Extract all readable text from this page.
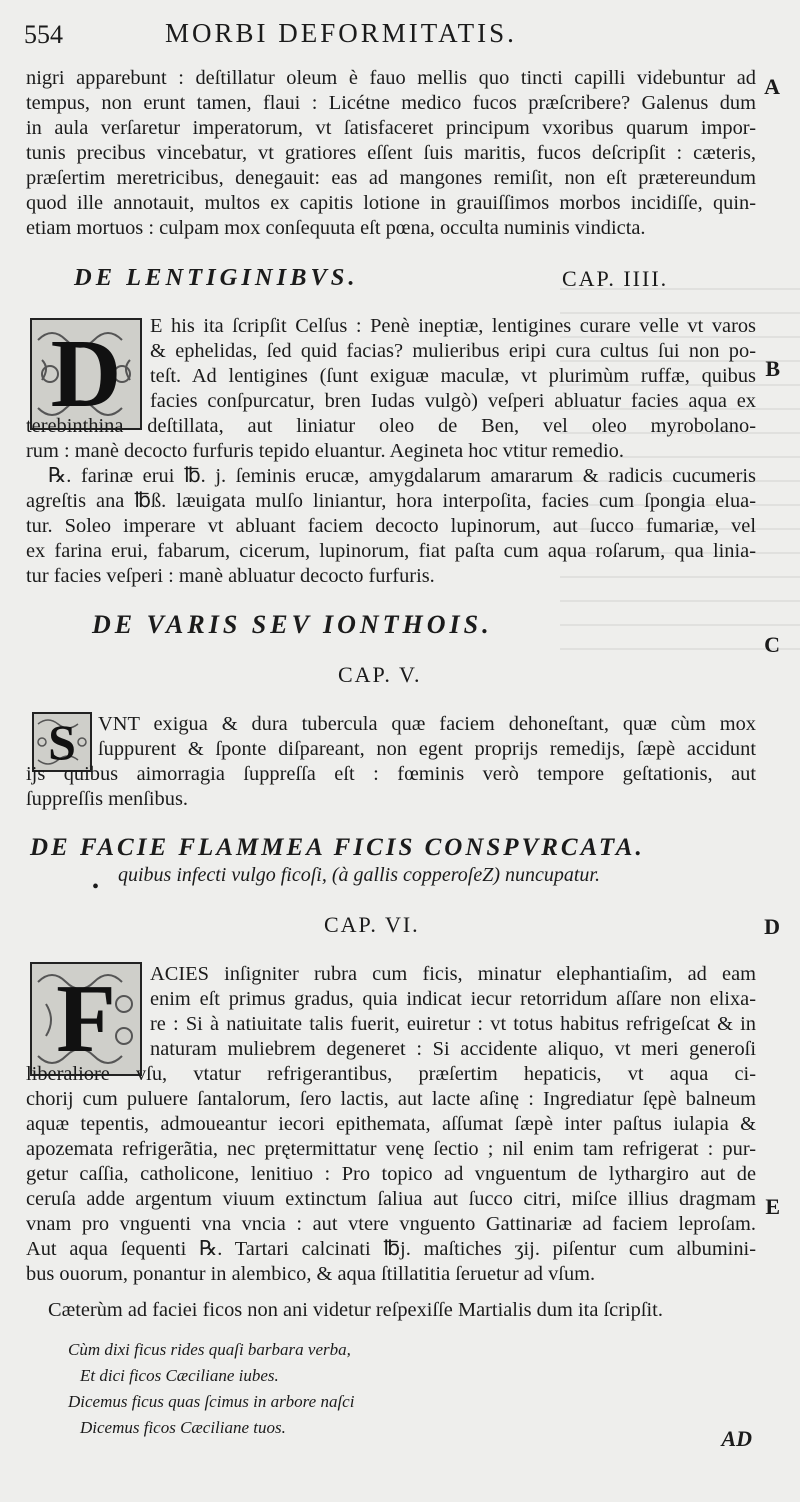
554	MORBI DEFORMITATIS.
A
B
C
D
E

nigri apparebunt : deſtillatur oleum è fauo mellis quo tincti capilli videbuntur ad
tempus, non erunt tamen, flaui : Licétne medico fucos præſcribere? Galenus dum
in aula verſaretur imperatorum, vt ſatisfaceret principum vxoribus quarum impor-
tunis precibus vincebatur, vt gratiores eſſent ſuis maritis, fucos deſcripſit : cæteris,
præſertim meretricibus, denegauit: eas ad mangones remiſit, non eſt prætereundum
quod ille annotauit, multos ex capitis lotione in grauiſſimos morbos incidiſſe, quin-
etiam mortuos : culpam mox conſequuta eſt pœna, occulta numinis vindicta.

DE LENTIGINIBVS.	CAP. IIII.
D E his ita ſcripſit Celſus : Penè ineptiæ, lentigines curare velle vt varos
& ephelidas, ſed quid facias? mulieribus eripi cura cultus ſui non po-
teſt. Ad lentigines (ſunt exiguæ maculæ, vt plurimùm ruffæ, quibus
facies conſpurcatur, bren Iudas vulgò) veſperi abluatur facies aqua ex

terebinthina deſtillata, aut liniatur oleo de Ben, vel oleo myrobolano-
rum : manè decocto furfuris tepido eluantur. Aegineta hoc vtitur remedio.

℞. farinæ erui ℔. j. ſeminis erucæ, amygdalarum amararum & radicis cucumeris
agreſtis ana ℔ß. læuigata mulſo liniantur, hora interpoſita, facies cum ſpongia elua-
tur. Soleo imperare vt abluant faciem decocto lupinorum, aut ſucco fumariæ, vel
ex farina erui, fabarum, cicerum, lupinorum, fiat paſta cum aqua roſarum, qua linia-
tur facies veſperi : manè abluatur decocto furfuris.

DE VARIS SEV IONTHOIS.
CAP. V.
S VNT exigua & dura tubercula quæ faciem dehoneſtant, quæ cùm mox
ſuppurent & ſponte diſpareant, non egent proprijs remedijs, ſæpè accidunt

ijs quibus aimorragia ſuppreſſa eſt : fœminis verò tempore geſtationis, aut
ſuppreſſis menſibus.

DE FACIE FLAMMEA FICIS CONSPVRCATA.
•
quibus infecti vulgo ficoſi, (à gallis copperoſeZ) nuncupatur.
CAP. VI.
F ACIES inſigniter rubra cum ficis, minatur elephantiaſim, ad eam
enim eſt primus gradus, quia indicat iecur retorridum aſſare non elixa-
re : Si à natiuitate talis fuerit, euiretur : vt totus habitus refrigeſcat & in
naturam muliebrem degeneret : Si accidente aliquo, vt meri generoſi

liberaliore vſu, vtatur refrigerantibus, præſertim hepaticis, vt aqua ci-
chorij cum puluere ſantalorum, ſero lactis, aut lacte aſinę : Ingrediatur ſępè balneum
aquæ tepentis, admoueantur iecori epithemata, aſſumat ſæpè inter paſtus iulapia &
apozemata refrigerãtia, nec prętermittatur venę ſectio ; nil enim tam refrigerat : pur-
getur caſſia, catholicone, lenitiuo : Pro topico ad vnguentum de lythargiro aut de
ceruſa adde argentum viuum extinctum ſaliua aut ſucco citri, miſce illius dragmam
vnam pro vnguenti vna vncia : aut vtere vnguento Gattinariæ ad faciem leproſam.
Aut aqua ſequenti ℞. Tartari calcinati ℔j. maſtiches ʒij. piſentur cum albumini-
bus ouorum, ponantur in alembico, & aqua ſtillatitia ſeruetur ad vſum.

Cæterùm ad faciei ficos non ani videtur reſpexiſſe Martialis dum ita ſcripſit.

Cùm dixi ficus rides quaſi barbara verba,
Et dici ficos Cæciliane iubes.
Dicemus ficus quas ſcimus in arbore naſci
Dicemus ficos Cæciliane tuos.	AD
